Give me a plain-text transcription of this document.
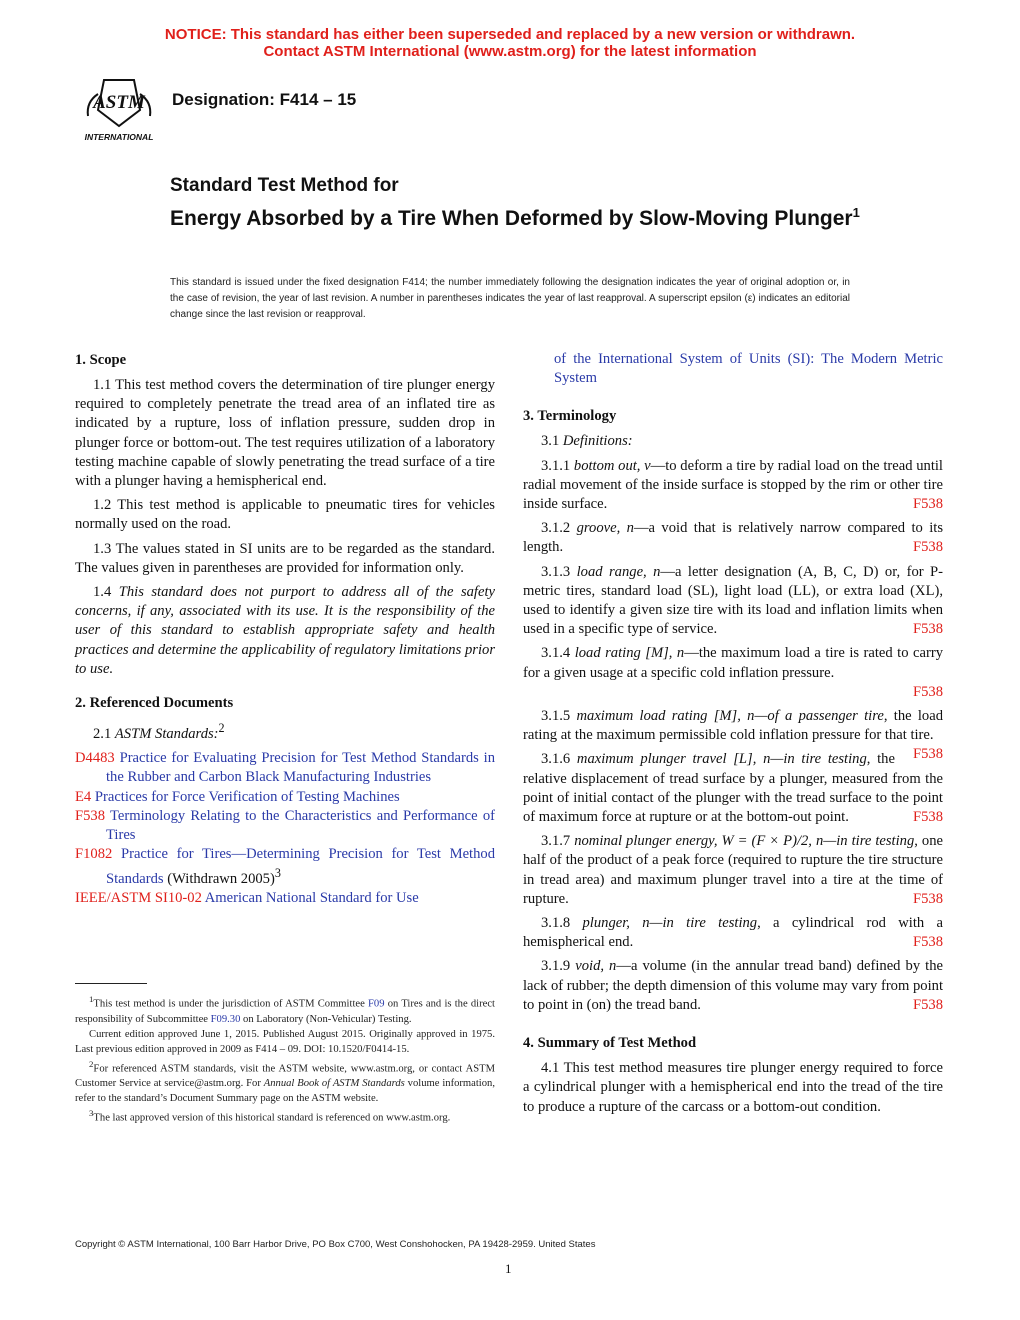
NOTICE: This standard has either been superseded and replaced by a new version or withdrawn.
Contact ASTM International (www.astm.org) for the latest information
ASTM
INTERNATIONAL
Designation: F414 – 15
Standard Test Method for
Energy Absorbed by a Tire When Deformed by Slow-Moving Plunger$^1$
This standard is issued under the fixed designation F414; the number immediately following the designation indicates the year of original adoption or, in the case of revision, the year of last revision. A number in parentheses indicates the year of last reapproval. A superscript epsilon (ε) indicates an editorial change since the last revision or reapproval.
1. Scope

1.1 This test method covers the determination of tire plunger energy required to completely penetrate the tread area of an inflated tire as indicated by a rupture, loss of inflation pressure, sudden drop in plunger force or bottom-out. The test requires utilization of a laboratory testing machine capable of slowly penetrating the tread surface of a tire with a plunger having a hemispherical end.

1.2 This test method is applicable to pneumatic tires for vehicles normally used on the road.

1.3 The values stated in SI units are to be regarded as the standard. The values given in parentheses are provided for information only.

1.4 This standard does not purport to address all of the safety concerns, if any, associated with its use. It is the responsibility of the user of this standard to establish appropriate safety and health practices and determine the applicability of regulatory limitations prior to use.

2. Referenced Documents

2.1 ASTM Standards:$^2$

D4483 Practice for Evaluating Precision for Test Method Standards in the Rubber and Carbon Black Manufacturing Industries
E4 Practices for Force Verification of Testing Machines
F538 Terminology Relating to the Characteristics and Performance of Tires
F1082 Practice for Tires—Determining Precision for Test Method Standards (Withdrawn 2005)$^3$
IEEE/ASTM SI10-02 American National Standard for Use
of the International System of Units (SI): The Modern Metric System
3. Terminology

3.1 Definitions:

3.1.1 bottom out, v—to deform a tire by radial load on the tread until radial movement of the inside surface is stopped by the rim or other tire inside surface.	F538

3.1.2 groove, n—a void that is relatively narrow compared to its length.	F538

3.1.3 load range, n—a letter designation (A, B, C, D) or, for P-metric tires, standard load (SL), light load (LL), or extra load (XL), used to identify a given size tire with its load and inflation limits when used in a specific type of service.	F538

3.1.4 load rating [M], n—the maximum load a tire is rated to carry for a given usage at a specific cold inflation pressure.
F538

3.1.5 maximum load rating [M], n—of a passenger tire, the load rating at the maximum permissible cold inflation pressure for that tire.
F538

3.1.6 maximum plunger travel [L], n—in tire testing, the relative displacement of tread surface by a plunger, measured from the point of initial contact of the plunger with the tread surface to the point of maximum force at rupture or at the bottom-out point.	F538

3.1.7 nominal plunger energy, W = (F × P)/2, n—in tire testing, one half of the product of a peak force (required to rupture the tire structure in tread area) and maximum plunger travel into a tire at the time of rupture.	F538

3.1.8 plunger, n—in tire testing, a cylindrical rod with a hemispherical end.	F538

3.1.9 void, n—a volume (in the annular tread band) defined by the lack of rubber; the depth dimension of this volume may vary from point to point in (on) the tread band.	F538

4. Summary of Test Method

4.1 This test method measures tire plunger energy required to force a cylindrical plunger with a hemispherical end into the tread of the tire to produce a rupture of the carcass or a bottom-out condition.

$^1$This test method is under the jurisdiction of ASTM Committee F09 on Tires and is the direct responsibility of Subcommittee F09.30 on Laboratory (Non-Vehicular) Testing.

Current edition approved June 1, 2015. Published August 2015. Originally approved in 1975. Last previous edition approved in 2009 as F414 – 09. DOI: 10.1520/F0414-15.

$^2$For referenced ASTM standards, visit the ASTM website, www.astm.org, or contact ASTM Customer Service at service@astm.org. For Annual Book of ASTM Standards volume information, refer to the standard’s Document Summary page on the ASTM website.

$^3$The last approved version of this historical standard is referenced on www.astm.org.

Copyright © ASTM International, 100 Barr Harbor Drive, PO Box C700, West Conshohocken, PA 19428-2959. United States
1
